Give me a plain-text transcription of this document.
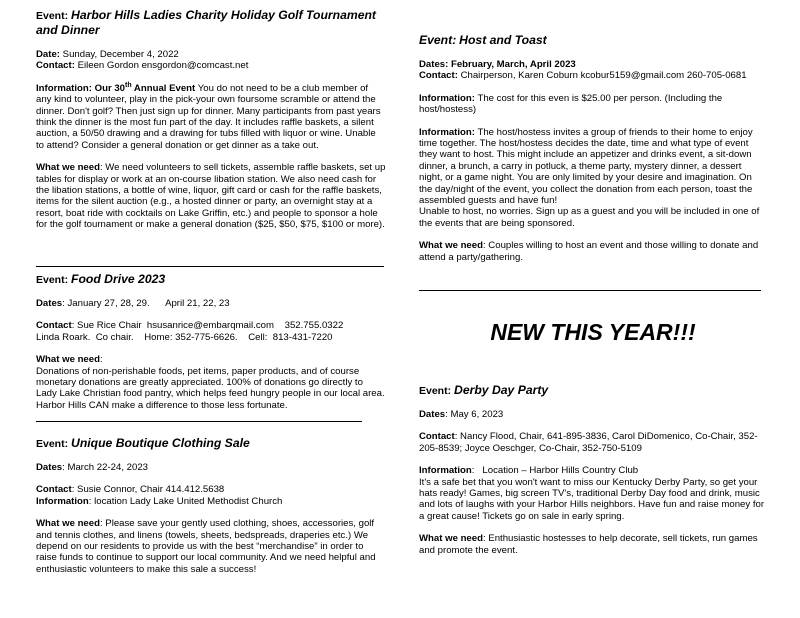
Event: Harbor Hills Ladies Charity Holiday Golf Tournament and Dinner

Date: Sunday, December 4, 2022

Contact: Eileen Gordon ensgordon@comcast.net

Information: Our 30th Annual Event You do not need to be a club member of any kind to volunteer, play in the pick-your own foursome scramble or attend the dinner. Don't golf? Then just sign up for dinner. Many participants from past years think the dinner is the most fun part of the day. It includes raffle baskets, a silent auction, a 50/50 drawing and a drawing for tubs filled with liquor or wine. Unable to attend? Consider a general donation or get dinner as a take out.

What we need: We need volunteers to sell tickets, assemble raffle baskets, set up tables for display or work at an on-course libation station. We also need cash for the libation stations, a bottle of wine, liquor, gift card or cash for the raffle baskets, items for the silent auction (e.g., a hosted dinner or party, an overnight stay at a resort, boat ride with cocktails on Lake Griffin, etc.) and people to sponsor a hole for the golf tournament or make a general donation ($25, $50, $75, $100 or more).

Event: Food Drive 2023

Dates: January 27, 28, 29.      April 21, 22, 23

Contact: Sue Rice Chair  hsusanrice@embarqmail.com    352.755.0322

Linda Roark.  Co chair.    Home: 352-775-6626.    Cell:  813-431-7220

What we need:

Donations of non-perishable foods, pet items, paper products, and of course monetary donations are greatly appreciated. 100% of donations go directly to Lady Lake Christian food pantry, which helps feed hungry people in our local area. Harbor Hills CAN make a difference to those less fortunate.

Event: Unique Boutique Clothing Sale

Dates: March 22-24, 2023

Contact: Susie Connor, Chair 414.412.5638

Information: location Lady Lake United Methodist Church

What we need: Please save your gently used clothing, shoes, accessories, golf and tennis clothes, and linens (towels, sheets, bedspreads, draperies etc.) We depend on our residents to provide us with the best “merchandise” in order to raise funds to continue to support our local community. And we need helpful and enthusiastic volunteers to make this sale a success!

Event: Host and Toast

Dates: February, March, April 2023

Contact: Chairperson, Karen Coburn kcobur5159@gmail.com 260-705-0681

Information: The cost for this even is $25.00 per person. (Including the host/hostess)

Information: The host/hostess invites a group of friends to their home to enjoy time together. The host/hostess decides the date, time and what type of event they want to host. This might include an appetizer and drinks event, a sit-down dinner, a brunch, a carry in potluck, a theme party, mystery dinner, a dessert night, or a game night. You are only limited by your desire and imagination. On the day/night of the event, you collect the donation from each person, toast the assembled guests and have fun!

Unable to host, no worries. Sign up as a guest and you will be included in one of the events that are being sponsored.

What we need: Couples willing to host an event and those willing to donate and attend a party/gathering.

Event: Derby Day Party

Dates: May 6, 2023

Contact: Nancy Flood, Chair, 641-895-3836, Carol DiDomenico, Co-Chair, 352-205-8539; Joyce Oeschger, Co-Chair, 352-750-5109

Information:   Location – Harbor Hills Country Club

It's a safe bet that you won't want to miss our Kentucky Derby Party, so get your hats ready! Games, big screen TV's, traditional Derby Day food and drink, music and lots of laughs with your Harbor Hills neighbors. Have fun and raise money for a great cause! Tickets go on sale in early spring.

What we need: Enthusiastic hostesses to help decorate, sell tickets, run games and promote the event.

NEW THIS YEAR!!!
